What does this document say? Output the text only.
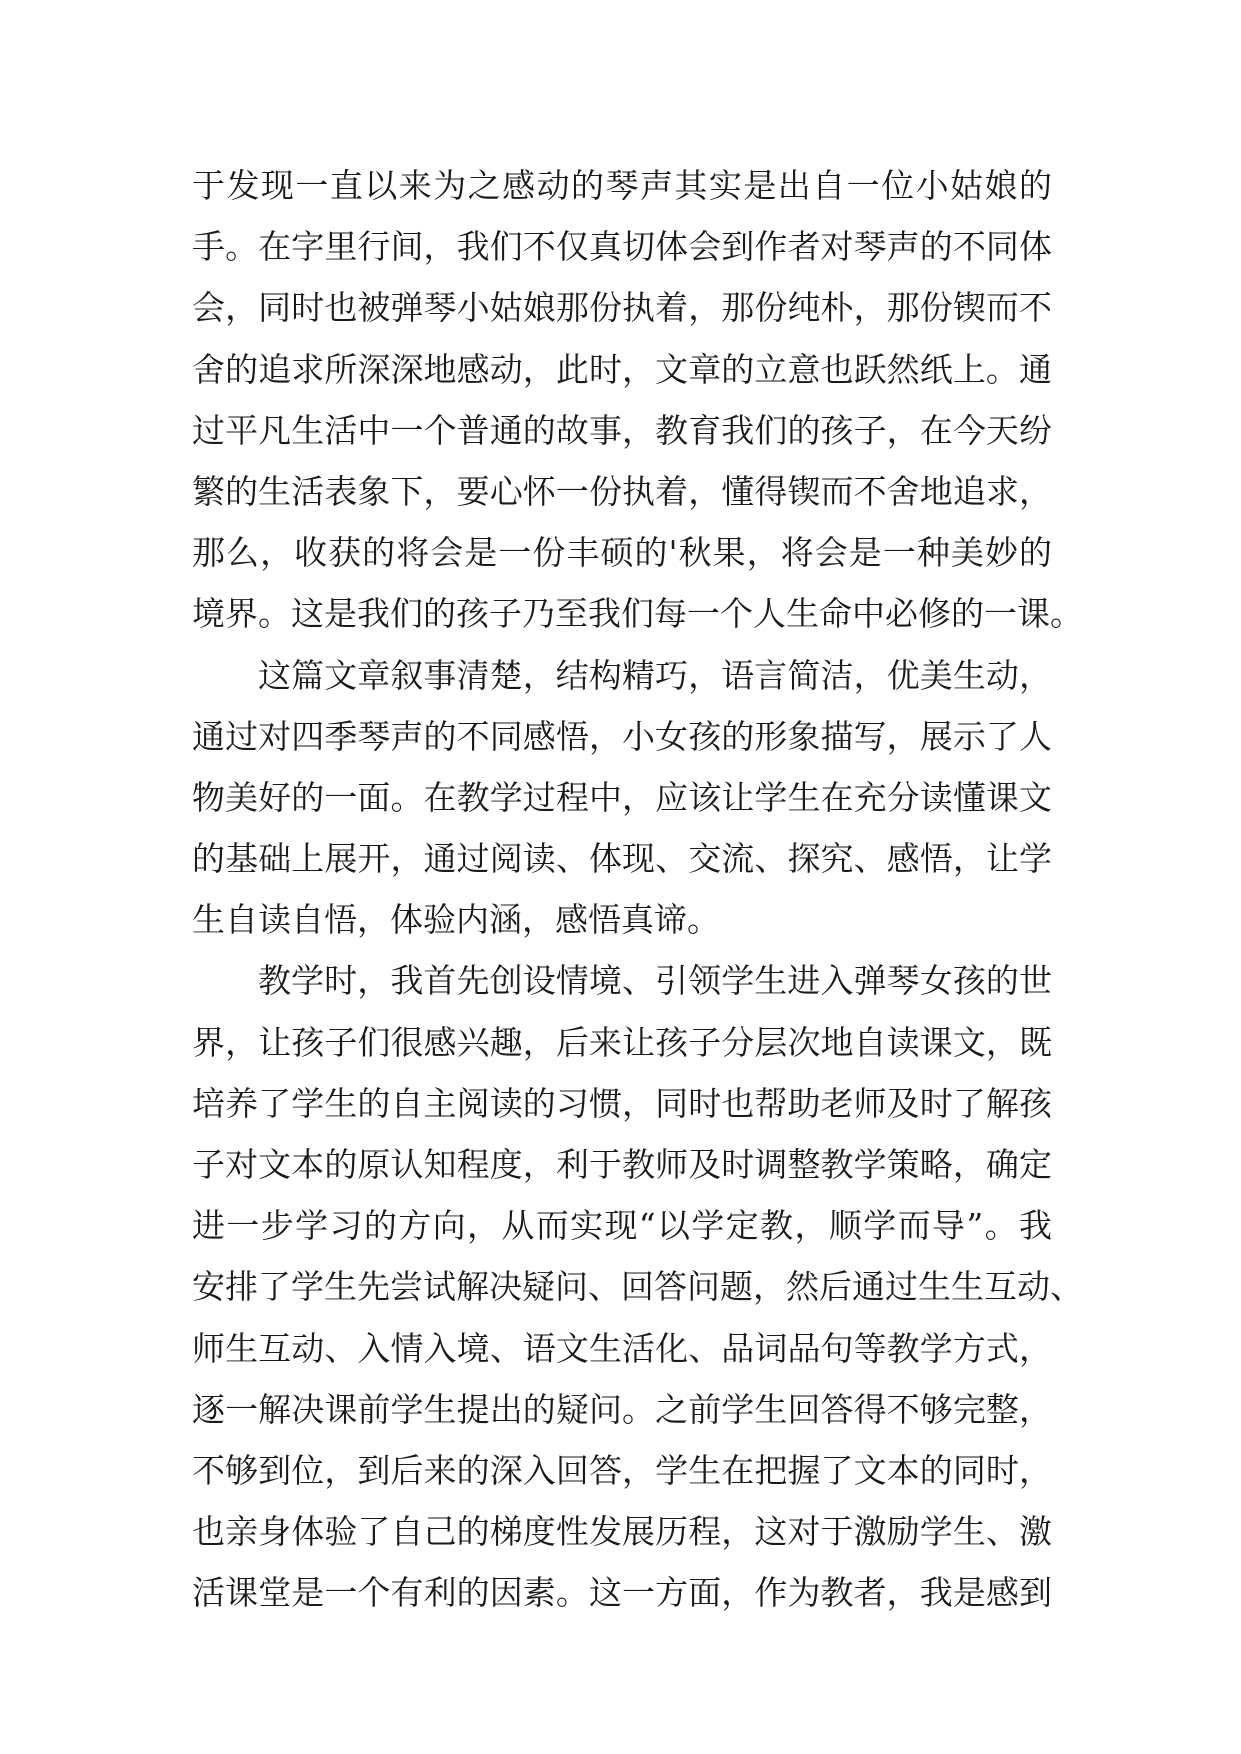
于发现一直以来为之感动的琴声其实是出自一位小姑娘的
手。在字里行间，我们不仅真切体会到作者对琴声的不同体
会，同时也被弹琴小姑娘那份执着，那份纯朴，那份锲而不
舍的追求所深深地感动，此时，文章的立意也跃然纸上。通
过平凡生活中一个普通的故事，教育我们的孩子，在今天纷
繁的生活表象下，要心怀一份执着，懂得锲而不舍地追求，
那么，收获的将会是一份丰硕的'秋果，将会是一种美妙的
境界。这是我们的孩子乃至我们每一个人生命中必修的一课。
这篇文章叙事清楚，结构精巧，语言简洁，优美生动，
通过对四季琴声的不同感悟，小女孩的形象描写，展示了人
物美好的一面。在教学过程中，应该让学生在充分读懂课文
的基础上展开，通过阅读、体现、交流、探究、感悟，让学
生自读自悟，体验内涵，感悟真谛。
教学时，我首先创设情境、引领学生进入弹琴女孩的世
界，让孩子们很感兴趣，后来让孩子分层次地自读课文，既
培养了学生的自主阅读的习惯，同时也帮助老师及时了解孩
子对文本的原认知程度，利于教师及时调整教学策略，确定
进一步学习的方向，从而实现“以学定教，顺学而导”。我
安排了学生先尝试解决疑问、回答问题，然后通过生生互动、
师生互动、入情入境、语文生活化、品词品句等教学方式，
逐一解决课前学生提出的疑问。之前学生回答得不够完整，
不够到位，到后来的深入回答，学生在把握了文本的同时，
也亲身体验了自己的梯度性发展历程，这对于激励学生、激
活课堂是一个有利的因素。这一方面，作为教者，我是感到
